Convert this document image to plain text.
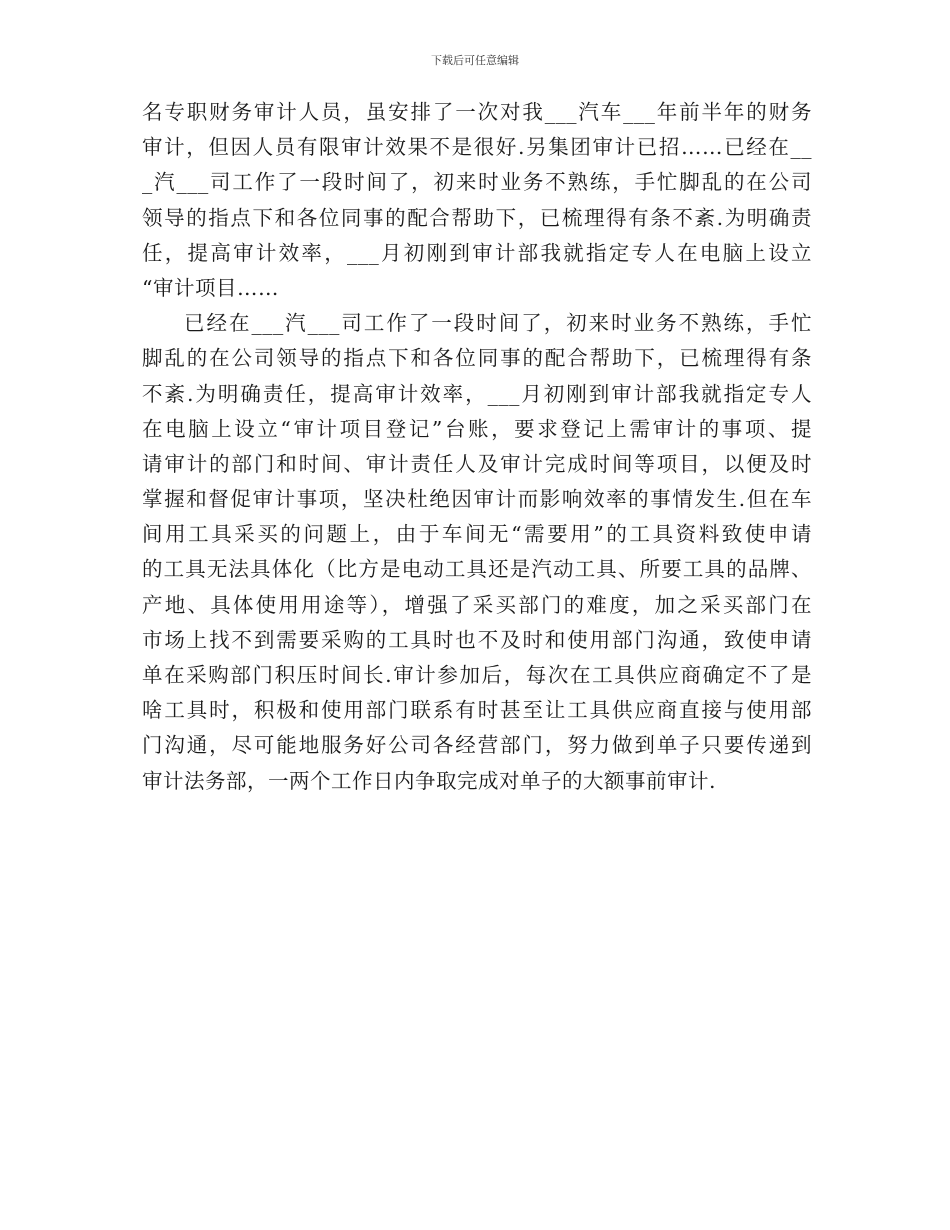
下载后可任意编辑
名专职财务审计人员，虽安排了一次对我___汽车___年前半年的财务
审计，但因人员有限审计效果不是很好.另集团审计已招……已经在__
_汽___司工作了一段时间了，初来时业务不熟练，手忙脚乱的在公司
领导的指点下和各位同事的配合帮助下，已梳理得有条不紊.为明确责
任，提高审计效率，___月初刚到审计部我就指定专人在电脑上设立
“审计项目……
已经在___汽___司工作了一段时间了，初来时业务不熟练，手忙
脚乱的在公司领导的指点下和各位同事的配合帮助下，已梳理得有条
不紊.为明确责任，提高审计效率，___月初刚到审计部我就指定专人
在电脑上设立“审计项目登记”台账，要求登记上需审计的事项、提
请审计的部门和时间、审计责任人及审计完成时间等项目，以便及时
掌握和督促审计事项，坚决杜绝因审计而影响效率的事情发生.但在车
间用工具采买的问题上，由于车间无“需要用”的工具资料致使申请
的工具无法具体化（比方是电动工具还是汽动工具、所要工具的品牌、
产地、具体使用用途等），增强了采买部门的难度，加之采买部门在
市场上找不到需要采购的工具时也不及时和使用部门沟通，致使申请
单在采购部门积压时间长.审计参加后，每次在工具供应商确定不了是
啥工具时，积极和使用部门联系有时甚至让工具供应商直接与使用部
门沟通，尽可能地服务好公司各经营部门，努力做到单子只要传递到
审计法务部，一两个工作日内争取完成对单子的大额事前审计.
